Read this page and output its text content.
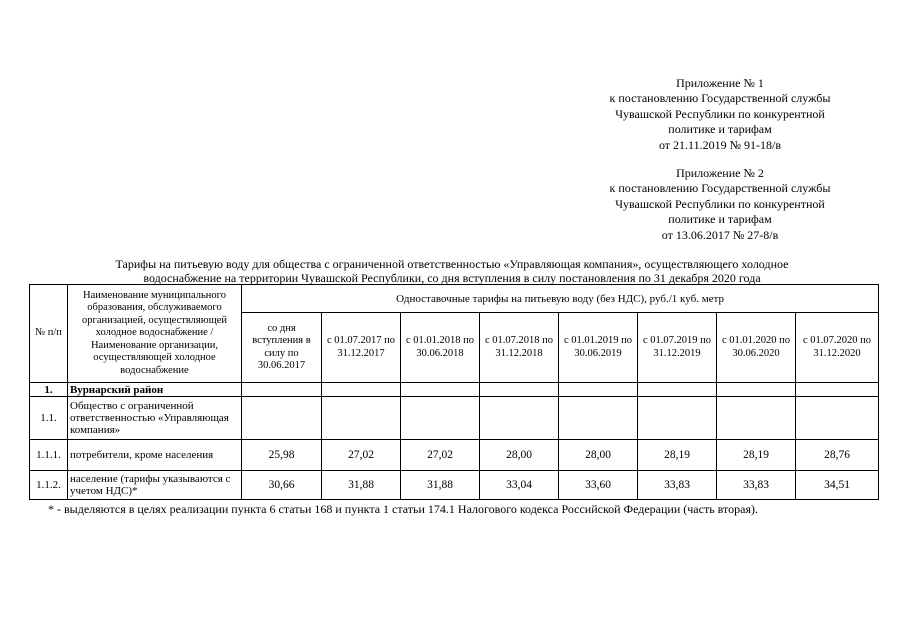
Приложение № 1
к постановлению Государственной службы
Чувашской Республики по конкурентной
политике и тарифам
от 21.11.2019 № 91-18/в
Приложение № 2
к постановлению Государственной службы
Чувашской Республики по конкурентной
политике и тарифам
от 13.06.2017 № 27-8/в
Тарифы на питьевую воду для общества с ограниченной ответственностью «Управляющая компания», осуществляющего холодное
водоснабжение на территории Чувашской Республики, со дня вступления в силу постановления по 31 декабря 2020 года
№ п/п	Наименование муниципального образования, обслуживаемого организацией, осуществляющей холодное водоснабжение / Наименование организации, осуществляющей холодное водоснабжение	Одноставочные тарифы на питьевую воду (без НДС), руб./1 куб. метр							
		со дня вступления в силу по 30.06.2017	с 01.07.2017 по 31.12.2017	с 01.01.2018 по 30.06.2018	с 01.07.2018 по 31.12.2018	с 01.01.2019 по 30.06.2019	с 01.07.2019 по 31.12.2019	с 01.01.2020 по 30.06.2020	с 01.07.2020 по 31.12.2020
1.	Вурнарский район								
1.1.	Общество с ограниченной ответственностью «Управляющая компания»								
1.1.1.	потребители, кроме населения	25,98	27,02	27,02	28,00	28,00	28,19	28,19	28,76
1.1.2.	население (тарифы указываются с учетом НДС)*	30,66	31,88	31,88	33,04	33,60	33,83	33,83	34,51
* - выделяются в целях реализации пункта 6 статьи 168 и пункта 1 статьи 174.1 Налогового кодекса Российской Федерации (часть вторая).
